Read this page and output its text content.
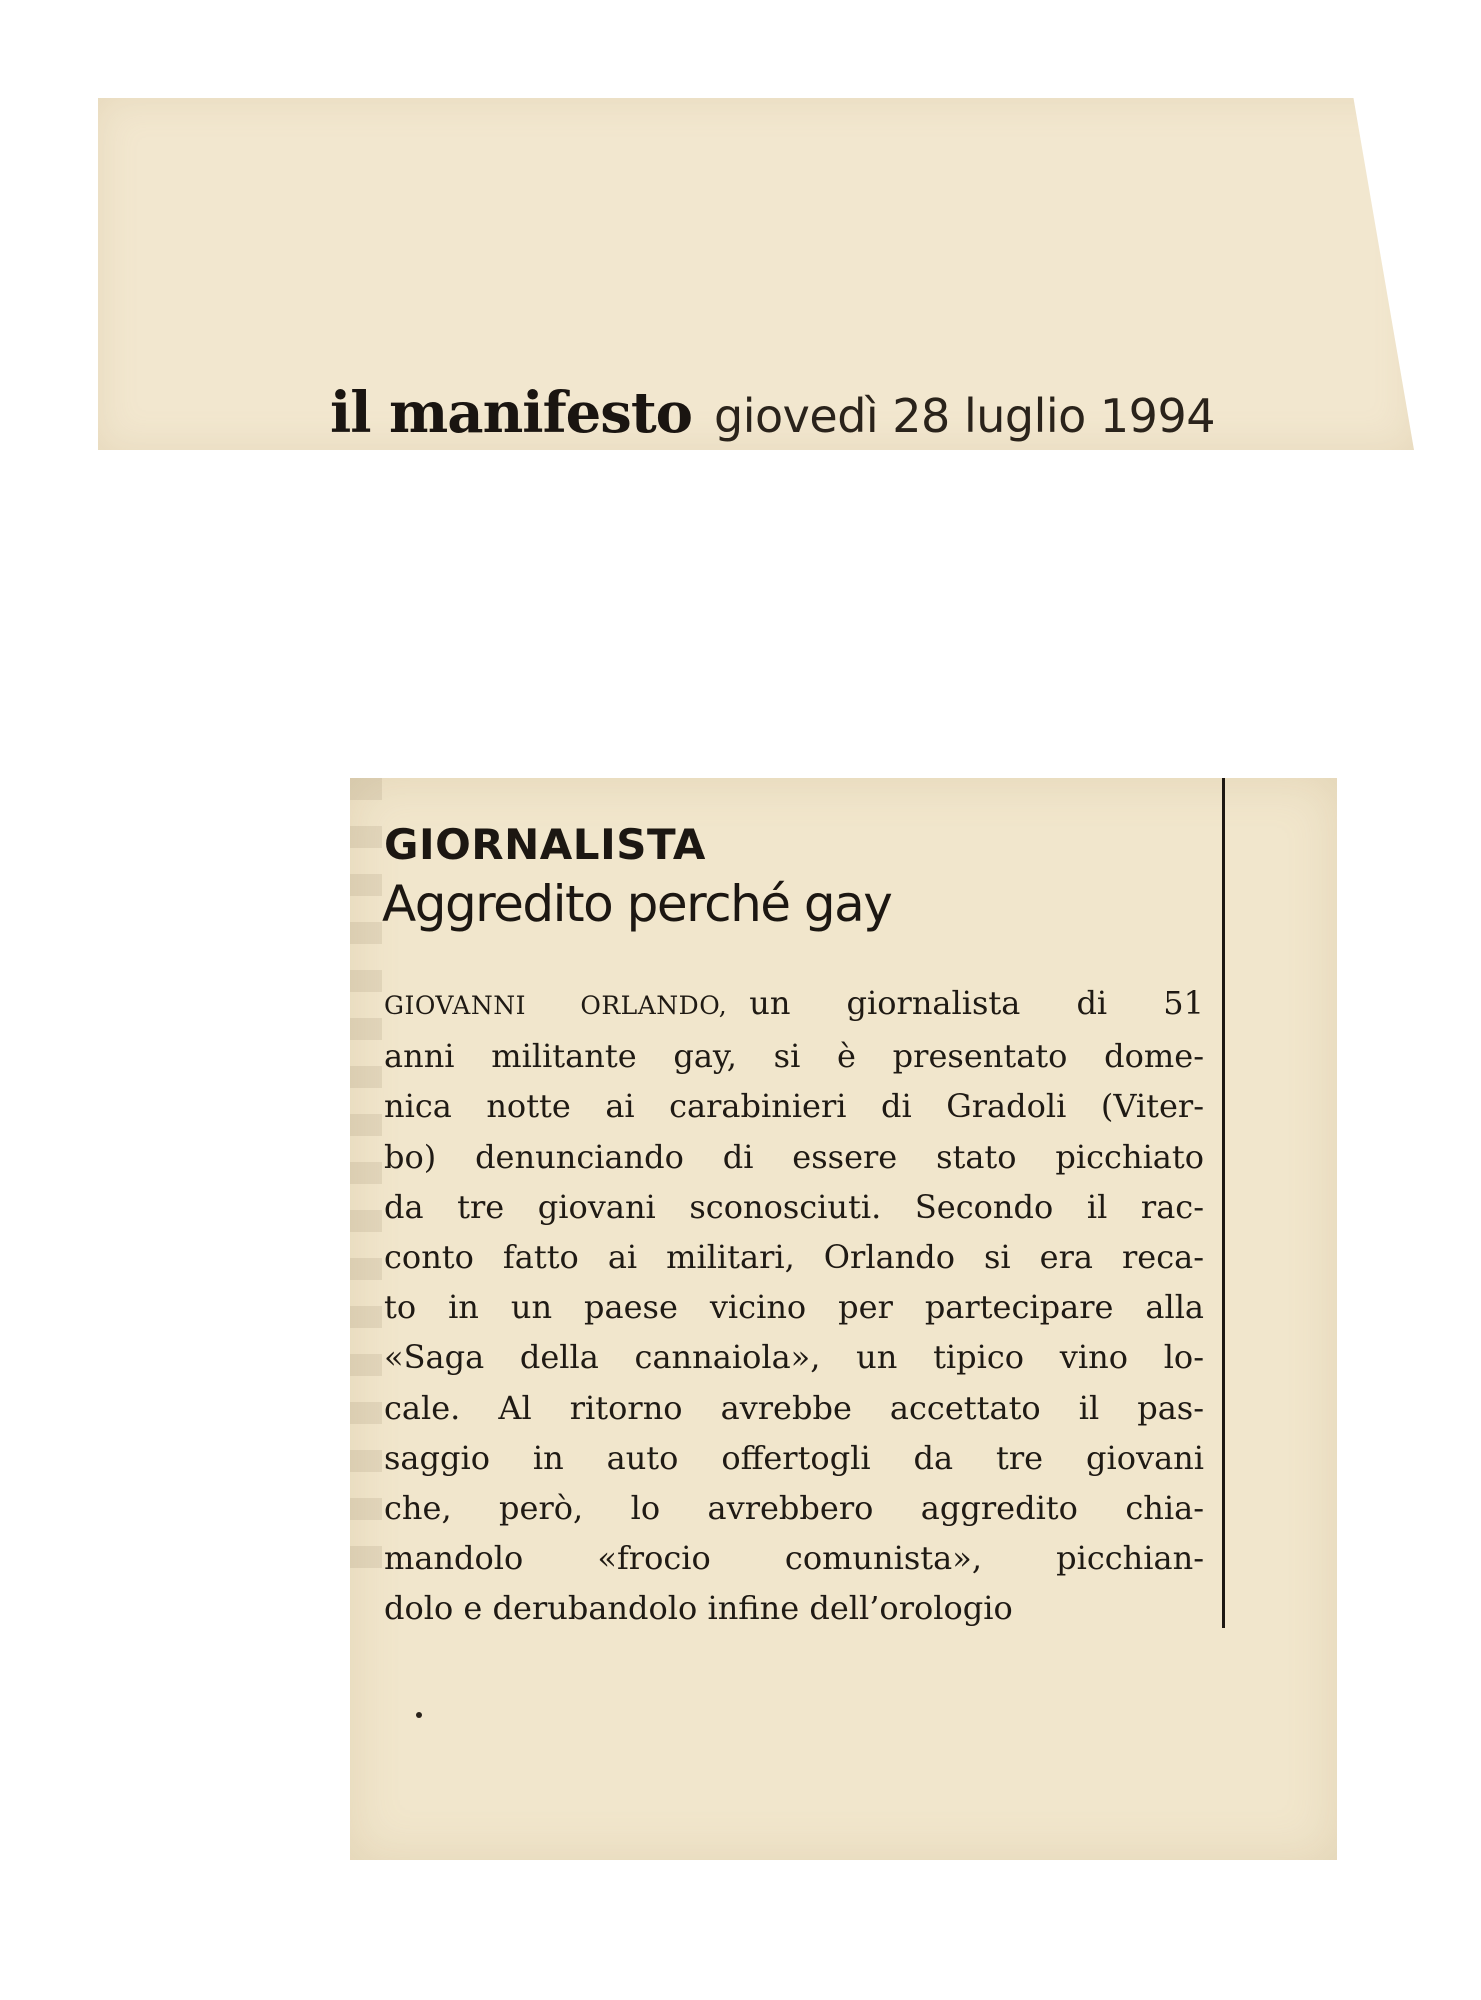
il manifesto giovedì 28 luglio 1994
GIORNALISTA
Aggredito perché gay
GIOVANNI ORLANDO, un giornalista di 51
anni militante gay, si è presentato dome-
nica notte ai carabinieri di Gradoli (Viter-
bo) denunciando di essere stato picchiato
da tre giovani sconosciuti. Secondo il rac-
conto fatto ai militari, Orlando si era reca-
to in un paese vicino per partecipare alla
«Saga della cannaiola», un tipico vino lo-
cale. Al ritorno avrebbe accettato il pas-
saggio in auto offertogli da tre giovani
che, però, lo avrebbero aggredito chia-
mandolo «frocio comunista», picchian-
dolo e derubandolo infine dell’orologio
